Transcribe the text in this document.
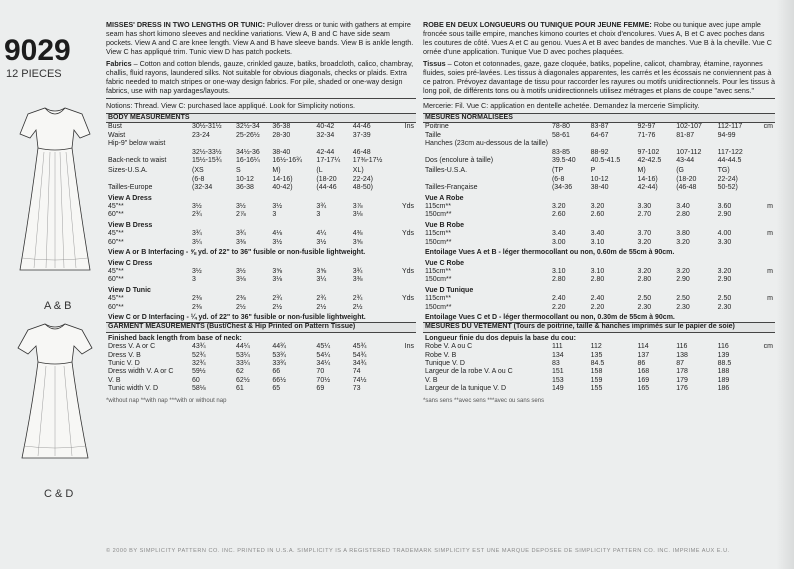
9029
12 PIECES
A & B
C & D
MISSES' DRESS IN TWO LENGTHS OR TUNIC: Pullover dress or tunic with gathers at empire seam has short kimono sleeves and neckline variations. View A, B and C have side seam pockets. View A and C are knee length. View A and B have sleeve bands. View B is ankle length. View C has appliqué trim. Tunic view D has patch pockets.
Fabrics – Cotton and cotton blends, gauze, crinkled gauze, batiks, broadcloth, calico, chambray, challis, fluid rayons, laundered silks. Not suitable for obvious diagonals, checks or plaids. Extra fabric needed to match stripes or one-way design fabrics. For pile, shaded or one-way design fabrics, use with nap yardages/layouts.
Notions: Thread. View C: purchased lace appliqué. Look for Simplicity notions.
BODY MEASUREMENTS						
Bust	30½-31½	32½-34	36-38	40-42	44-46	Ins
Waist	23-24	25-26½	28-30	32-34	37-39	
Hip-9" below waist						
	32½-33½	34½-36	38-40	42-44	46-48	
Back-neck to waist	15½-15¾	16-16¼	16½-16¾	17-17¼	17⅜-17½	
Sizes-U.S.A.	(XS	S	M)	(L	XL)	
	(6-8	10-12	14-16)	(18-20	22-24)	
Tailles-Europe	(32-34	36-38	40-42)	(44-46	48-50)	
View A Dress						
45"**	3½	3½	3½	3¾	3⅞	Yds
60"**	2¾	2⅞	3	3	3⅛	
View B Dress						
45"**	3¾	3¾	4⅛	4¼	4⅜	Yds
60"**	3¼	3⅜	3½	3½	3⅝	
View A or B Interfacing - ⅝ yd. of 22" to 36" fusible or non-fusible lightweight.						
View C Dress						
45"**	3½	3½	3⅝	3⅝	3¾	Yds
60"**	3	3⅛	3⅛	3¼	3⅜	
View D Tunic						
45"**	2⅜	2⅜	2¾	2¾	2¾	Yds
60"**	2⅜	2½	2½	2½	2½	
View C or D Interfacing - ¼ yd. of 22" to 36" fusible or non-fusible lightweight.						
GARMENT MEASUREMENTS (Bust/Chest & Hip Printed on Pattern Tissue)						
Finished back length from base of neck:						
Dress V. A or C	43¾	44¼	44¾	45¼	45¾	Ins
Dress V. B	52¾	53¼	53¾	54¼	54¾	
Tunic V. D	32¾	33¼	33¾	34¼	34¾	
Dress width V. A or C	59½	62	66	70	74	
V. B	60	62½	66½	70½	74½	
Tunic width V. D	58⅛	61	65	69	73	
*without nap **with nap ***with or without nap
ROBE EN DEUX LONGUEURS OU TUNIQUE POUR JEUNE FEMME: Robe ou tunique avec jupe ample froncée sous taille empire, manches kimono courtes et choix d'encolures. Vues A, B et C avec poches dans les coutures de côté. Vues A et C au genou. Vues A et B avec bandes de manches. Vue B à la cheville. Vue C ornée d'une application. Tunique Vue D avec poches plaquées.
Tissus – Coton et cotonnades, gaze, gaze cloquée, batiks, popeline, calicot, chambray, étamine, rayonnes fluides, soies pré-lavées. Les tissus à diagonales apparentes, les carrés et les écossais ne conviennent pas à ce patron. Prévoyez davantage de tissu pour raccorder les rayures ou motifs unidirectionnels. Pour les tissus à long poil, de différents tons ou à motifs unidirectionnels utilisez métrages et plans de coupe "avec sens."
Mercerie: Fil. Vue C: application en dentelle achetée. Demandez la mercerie Simplicity.
MESURES NORMALISEES						
Poitrine	78-80	83-87	92-97	102-107	112-117	cm
Taille	58-61	64-67	71-76	81-87	94-99	
Hanches (23cm au-dessous de la taille)						
	83-85	88-92	97-102	107-112	117-122	
Dos (encolure à taille)	39.5-40	40.5-41.5	42-42.5	43-44	44-44.5	
Tailles-U.S.A.	(TP	P	M)	(G	TG)	
	(6-8	10-12	14-16)	(18-20	22-24)	
Tailles-Française	(34-36	38-40	42-44)	(46-48	50-52)	
Vue A Robe						
115cm**	3.20	3.20	3.30	3.40	3.60	m
150cm**	2.60	2.60	2.70	2.80	2.90	
Vue B Robe						
115cm**	3.40	3.40	3.70	3.80	4.00	m
150cm**	3.00	3.10	3.20	3.20	3.30	
Entoilage Vues A et B - léger thermocollant ou non, 0.60m de 55cm à 90cm.						
Vue C Robe						
115cm**	3.10	3.10	3.20	3.20	3.20	m
150cm**	2.80	2.80	2.80	2.90	2.90	
Vue D Tunique						
115cm**	2.40	2.40	2.50	2.50	2.50	m
150cm**	2.20	2.20	2.30	2.30	2.30	
Entoilage Vues C et D - léger thermocollant ou non, 0.30m de 55cm à 90cm.						
MESURES DU VETEMENT (Tours de poitrine, taille & hanches imprimés sur le papier de soie)						
Longueur finie du dos depuis la base du cou:						
Robe V. A ou C	111	112	114	116	116	cm
Robe V. B	134	135	137	138	139	
Tunique V. D	83	84.5	86	87	88.5	
Largeur de la robe V. A ou C	151	158	168	178	188	
V. B	153	159	169	179	189	
Largeur de la tunique V. D	149	155	165	176	186	
*sans sens **avec sens ***avec ou sans sens
© 2000 BY SIMPLICITY PATTERN CO. INC. PRINTED IN U.S.A. SIMPLICITY IS A REGISTERED TRADEMARK SIMPLICITY EST UNE MARQUE DEPOSEE DE SIMPLICITY PATTERN CO. INC. IMPRIME AUX E.U.
